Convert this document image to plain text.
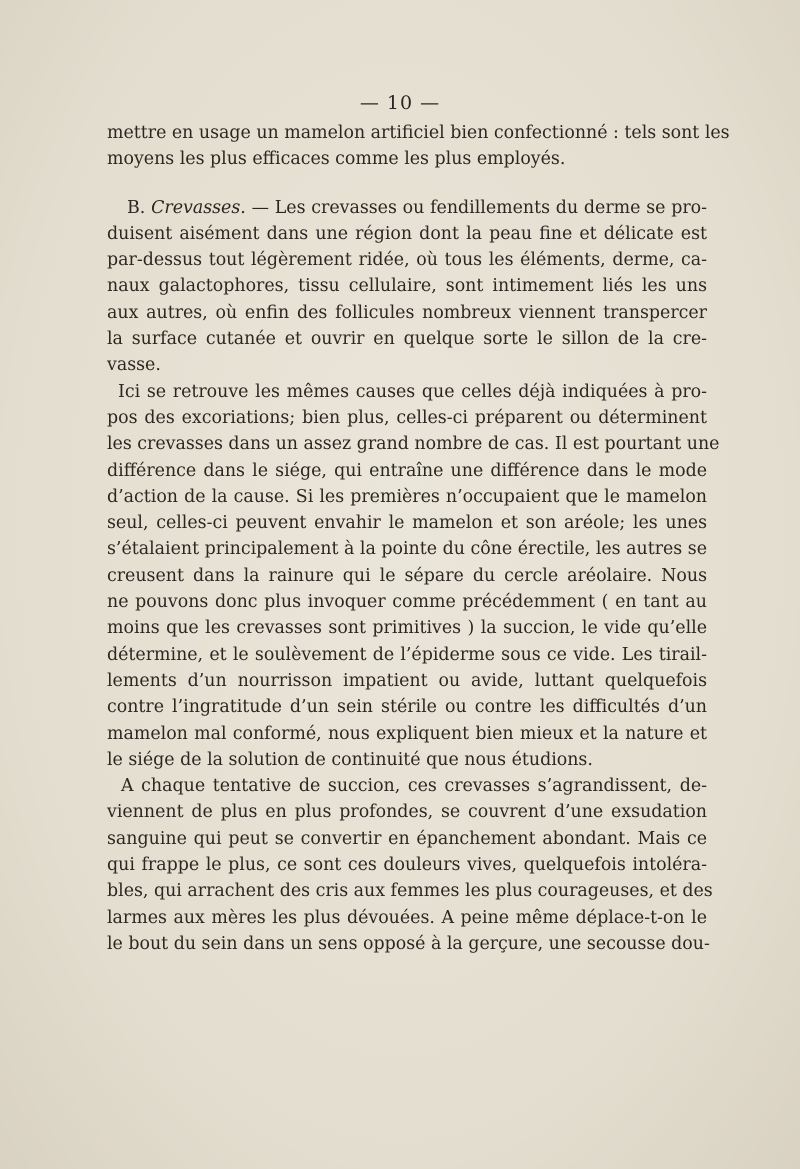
— 10 —

mettre en usage un mamelon artificiel bien confectionné : tels sont les
moyens les plus efficaces comme les plus employés.

B. Crevasses. — Les crevasses ou fendillements du derme se pro-
duisent aisément dans une région dont la peau fine et délicate est
par-dessus tout légèrement ridée, où tous les éléments, derme, ca-
naux galactophores, tissu cellulaire, sont intimement liés les uns
aux autres, où enfin des follicules nombreux viennent transpercer
la surface cutanée et ouvrir en quelque sorte le sillon de la cre-
vasse.

Ici se retrouve les mêmes causes que celles déjà indiquées à pro-
pos des excoriations; bien plus, celles-ci préparent ou déterminent
les crevasses dans un assez grand nombre de cas. Il est pourtant une
différence dans le siége, qui entraîne une différence dans le mode
d’action de la cause. Si les premières n’occupaient que le mamelon
seul, celles-ci peuvent envahir le mamelon et son aréole; les unes
s’étalaient principalement à la pointe du cône érectile, les autres se
creusent dans la rainure qui le sépare du cercle aréolaire. Nous
ne pouvons donc plus invoquer comme précédemment ( en tant au
moins que les crevasses sont primitives ) la succion, le vide qu’elle
détermine, et le soulèvement de l’épiderme sous ce vide. Les tirail-
lements d’un nourrisson impatient ou avide, luttant quelquefois
contre l’ingratitude d’un sein stérile ou contre les difficultés d’un
mamelon mal conformé, nous expliquent bien mieux et la nature et
le siége de la solution de continuité que nous étudions.

A chaque tentative de succion, ces crevasses s’agrandissent, de-
viennent de plus en plus profondes, se couvrent d’une exsudation
sanguine qui peut se convertir en épanchement abondant. Mais ce
qui frappe le plus, ce sont ces douleurs vives, quelquefois intoléra-
bles, qui arrachent des cris aux femmes les plus courageuses, et des
larmes aux mères les plus dévouées. A peine même déplace-t-on le
le bout du sein dans un sens opposé à la gerçure, une secousse dou-
